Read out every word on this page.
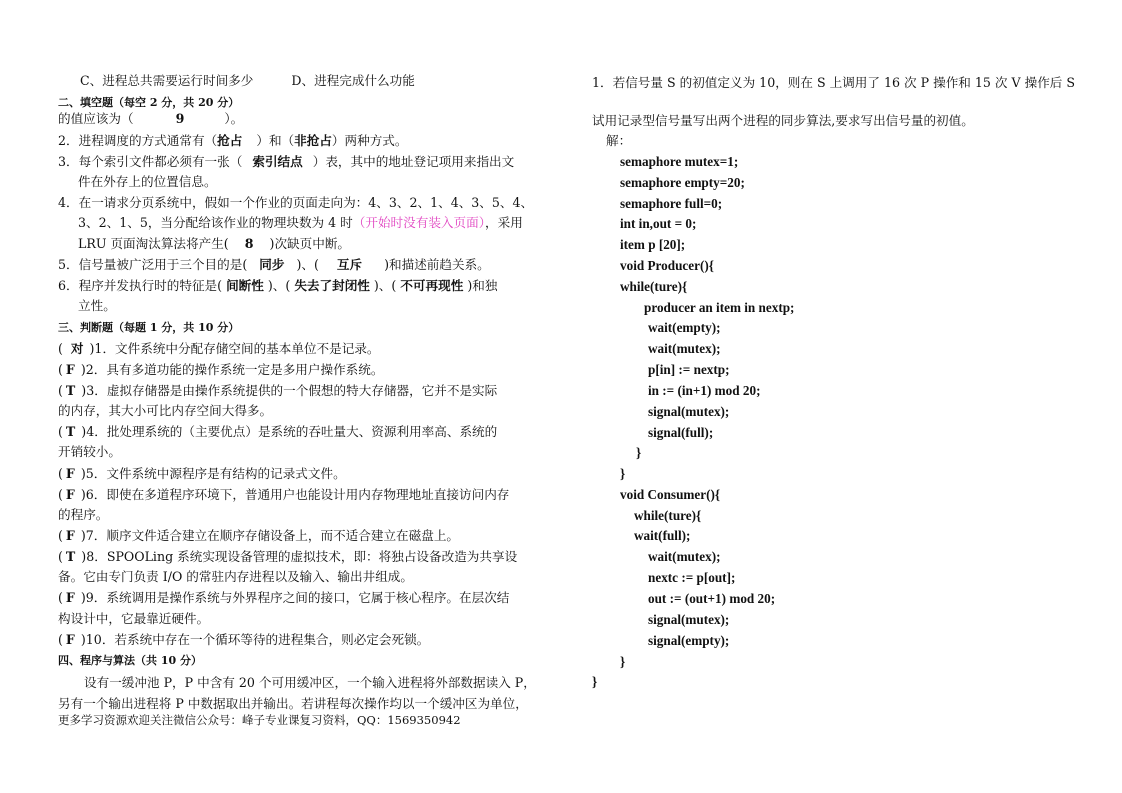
C、进程总共需要运行时间多少	D、进程完成什么功能
二、填空题（每空 2 分，共 20 分）
的值应该为（	9	）。
2．进程调度的方式通常有（抢占 ）和（非抢占）两种方式。
3．每个索引文件都必须有一张（ 索引结点 ）表，其中的地址登记项用来指出文
件在外存上的位置信息。
4．在一请求分页系统中，假如一个作业的页面走向为：4、3、2、1、4、3、5、4、
3、2、1、5，当分配给该作业的物理块数为 4 时（开始时没有装入页面），采用
LRU 页面淘汰算法将产生( 8 )次缺页中断。
5．信号量被广泛用于三个目的是( 同步 )、( 互斥 )和描述前趋关系。
6．程序并发执行时的特征是( 间断性 )、( 失去了封闭性 )、( 不可再现性 )和独
立性。
三、判断题（每题 1 分，共 10 分）
( 对 )1．文件系统中分配存储空间的基本单位不是记录。
( F )2．具有多道功能的操作系统一定是多用户操作系统。
( T )3．虚拟存储器是由操作系统提供的一个假想的特大存储器，它并不是实际
的内存，其大小可比内存空间大得多。
( T )4．批处理系统的（主要优点）是系统的吞吐量大、资源利用率高、系统的
开销较小。
( F )5．文件系统中源程序是有结构的记录式文件。
( F )6．即使在多道程序环境下，普通用户也能设计用内存物理地址直接访问内存
的程序。
( F )7．顺序文件适合建立在顺序存储设备上，而不适合建立在磁盘上。
( T )8．SPOOLing 系统实现设备管理的虚拟技术，即：将独占设备改造为共享设
备。它由专门负责 I/O 的常驻内存进程以及输入、输出井组成。
( F )9．系统调用是操作系统与外界程序之间的接口，它属于核心程序。在层次结
构设计中，它最靠近硬件。
( F )10．若系统中存在一个循环等待的进程集合，则必定会死锁。
四、程序与算法（共 10 分）
设有一缓冲池 P，P 中含有 20 个可用缓冲区，一个输入进程将外部数据读入 P，
另有一个输出进程将 P 中数据取出并输出。若讲程每次操作均以一个缓冲区为单位，
更多学习资源欢迎关注微信公众号：峰子专业课复习资料，QQ：1569350942
1．若信号量 S 的初值定义为 10，则在 S 上调用了 16 次 P 操作和 15 次 V 操作后 S
试用记录型信号量写出两个进程的同步算法,要求写出信号量的初值。
解：
semaphore mutex=1;
semaphore empty=20;
semaphore full=0;
int in,out = 0;
item p [20];
void Producer(){
while(ture){
producer an item in nextp;
wait(empty);
wait(mutex);
p[in] := nextp;
in := (in+1) mod 20;
signal(mutex);
signal(full);
}
}
void Consumer(){
while(ture){
wait(full);
wait(mutex);
nextc := p[out];
out := (out+1) mod 20;
signal(mutex);
signal(empty);
}
}
